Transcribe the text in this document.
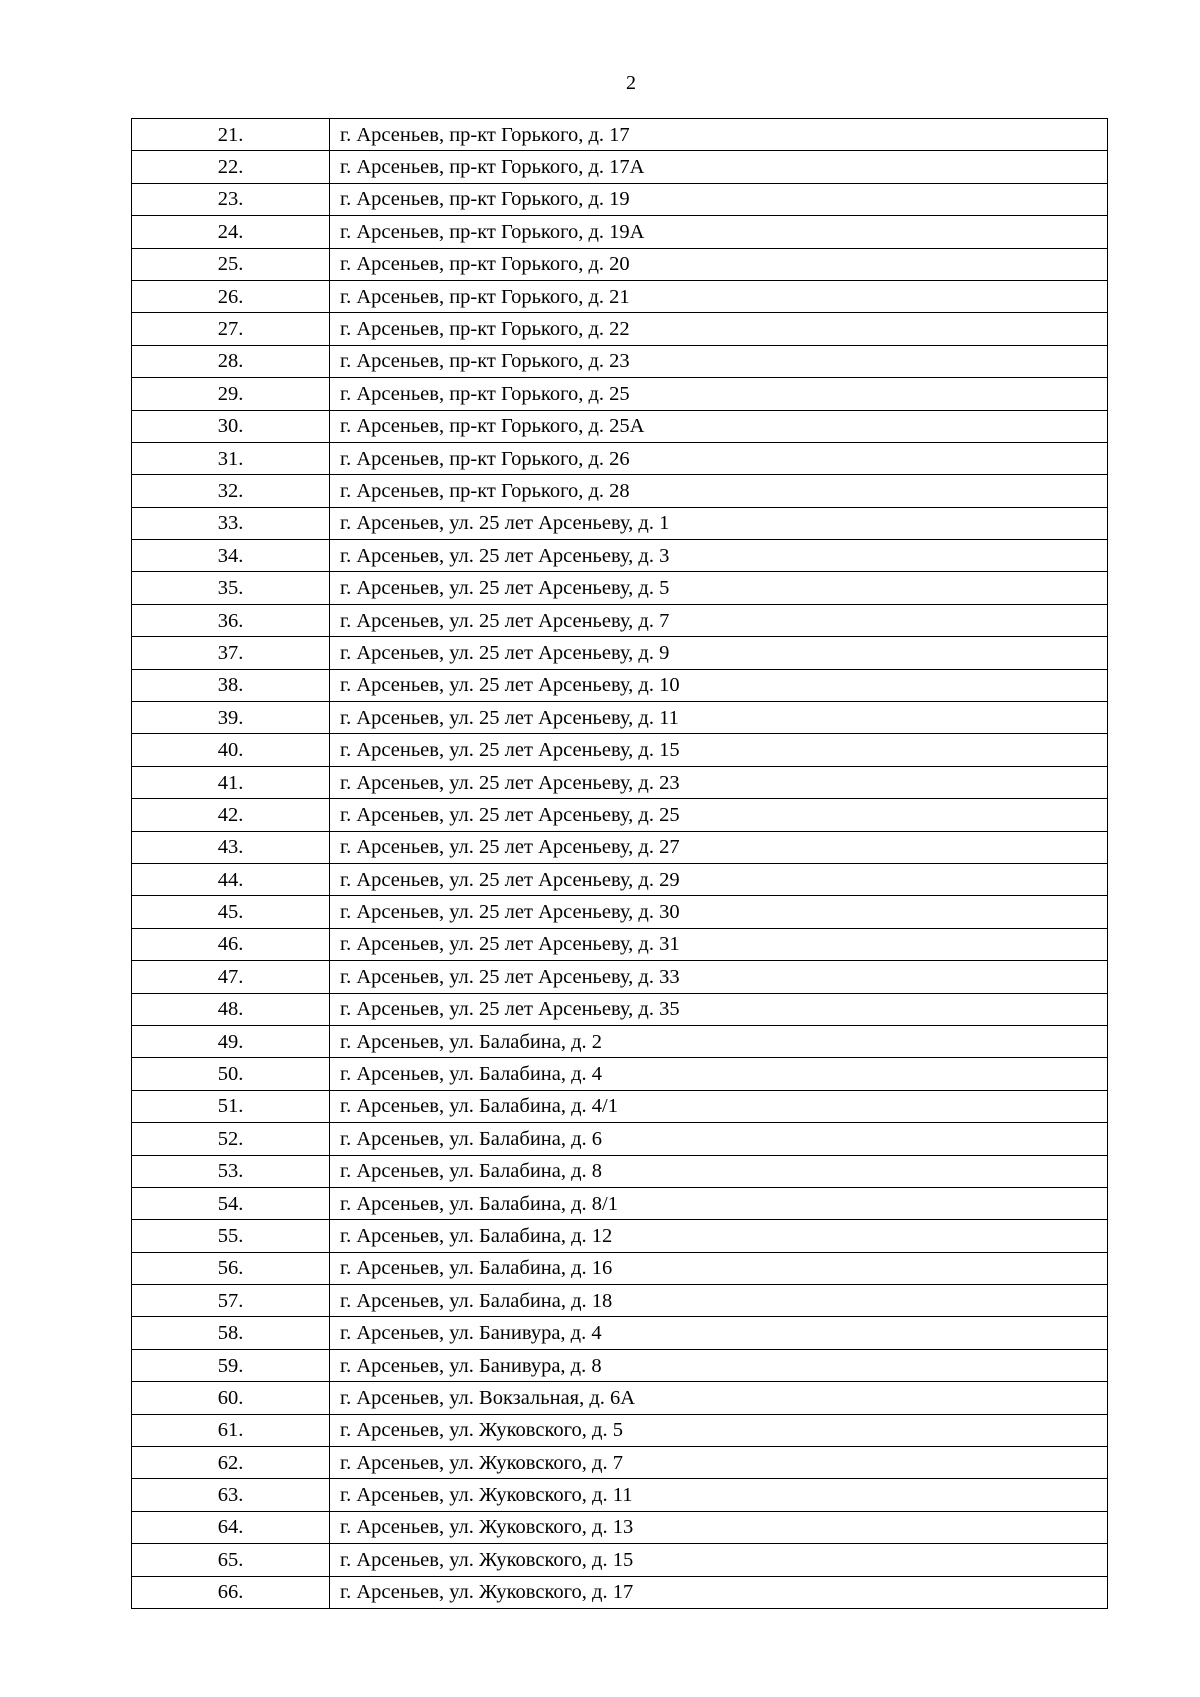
2
21.	г. Арсеньев, пр-кт Горького, д. 17
22.	г. Арсеньев, пр-кт Горького, д. 17А
23.	г. Арсеньев, пр-кт Горького, д. 19
24.	г. Арсеньев, пр-кт Горького, д. 19А
25.	г. Арсеньев, пр-кт Горького, д. 20
26.	г. Арсеньев, пр-кт Горького, д. 21
27.	г. Арсеньев, пр-кт Горького, д. 22
28.	г. Арсеньев, пр-кт Горького, д. 23
29.	г. Арсеньев, пр-кт Горького, д. 25
30.	г. Арсеньев, пр-кт Горького, д. 25А
31.	г. Арсеньев, пр-кт Горького, д. 26
32.	г. Арсеньев, пр-кт Горького, д. 28
33.	г. Арсеньев, ул. 25 лет Арсеньеву, д. 1
34.	г. Арсеньев, ул. 25 лет Арсеньеву, д. 3
35.	г. Арсеньев, ул. 25 лет Арсеньеву, д. 5
36.	г. Арсеньев, ул. 25 лет Арсеньеву, д. 7
37.	г. Арсеньев, ул. 25 лет Арсеньеву, д. 9
38.	г. Арсеньев, ул. 25 лет Арсеньеву, д. 10
39.	г. Арсеньев, ул. 25 лет Арсеньеву, д. 11
40.	г. Арсеньев, ул. 25 лет Арсеньеву, д. 15
41.	г. Арсеньев, ул. 25 лет Арсеньеву, д. 23
42.	г. Арсеньев, ул. 25 лет Арсеньеву, д. 25
43.	г. Арсеньев, ул. 25 лет Арсеньеву, д. 27
44.	г. Арсеньев, ул. 25 лет Арсеньеву, д. 29
45.	г. Арсеньев, ул. 25 лет Арсеньеву, д. 30
46.	г. Арсеньев, ул. 25 лет Арсеньеву, д. 31
47.	г. Арсеньев, ул. 25 лет Арсеньеву, д. 33
48.	г. Арсеньев, ул. 25 лет Арсеньеву, д. 35
49.	г. Арсеньев, ул. Балабина, д. 2
50.	г. Арсеньев, ул. Балабина, д. 4
51.	г. Арсеньев, ул. Балабина, д. 4/1
52.	г. Арсеньев, ул. Балабина, д. 6
53.	г. Арсеньев, ул. Балабина, д. 8
54.	г. Арсеньев, ул. Балабина, д. 8/1
55.	г. Арсеньев, ул. Балабина, д. 12
56.	г. Арсеньев, ул. Балабина, д. 16
57.	г. Арсеньев, ул. Балабина, д. 18
58.	г. Арсеньев, ул. Банивура, д. 4
59.	г. Арсеньев, ул. Банивура, д. 8
60.	г. Арсеньев, ул. Вокзальная, д. 6А
61.	г. Арсеньев, ул. Жуковского, д. 5
62.	г. Арсеньев, ул. Жуковского, д. 7
63.	г. Арсеньев, ул. Жуковского, д. 11
64.	г. Арсеньев, ул. Жуковского, д. 13
65.	г. Арсеньев, ул. Жуковского, д. 15
66.	г. Арсеньев, ул. Жуковского, д. 17
